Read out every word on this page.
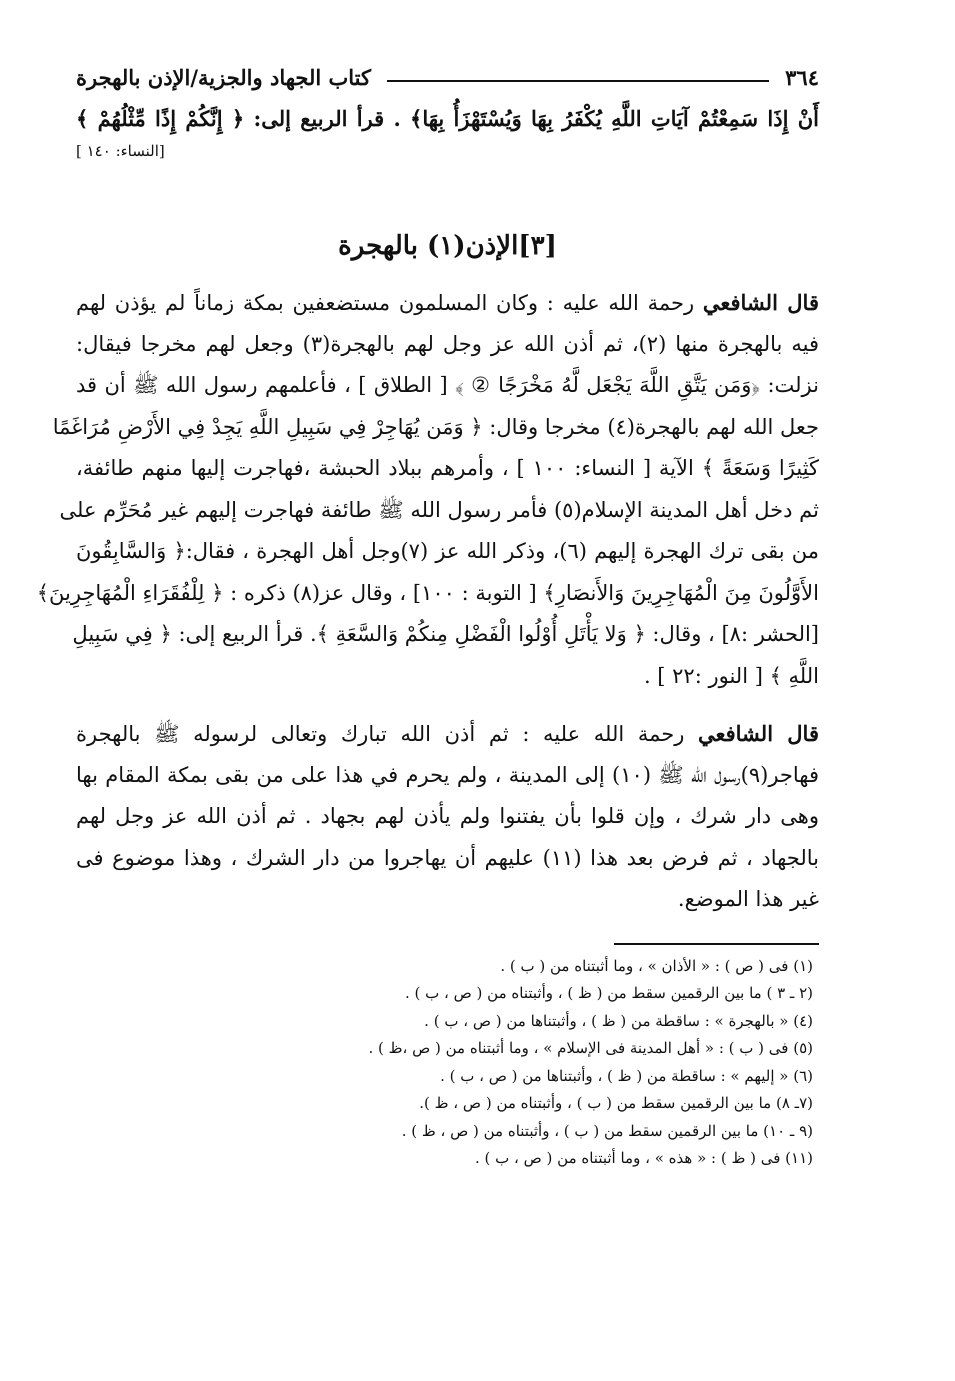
٣٦٤
كتاب الجهاد والجزية/الإذن بالهجرة
أَنْ إِذَا سَمِعْتُمْ آيَاتِ اللَّهِ يُكْفَرُ بِهَا وَيُسْتَهْزَأُ بِهَا﴾ . قرأ الربيع إلى: ﴿ إِنَّكُمْ إِذًا مِّثْلُهُمْ ﴾
[النساء: ١٤٠ ]
[٣]الإذن(١) بالهجرة
قال الشافعي رحمة الله عليه : وكان المسلمون مستضعفين بمكة زماناً لم يؤذن لهم
فيه بالهجرة منها (٢)، ثم أذن الله عز وجل لهم بالهجرة(٣) وجعل لهم مخرجا فيقال:
نزلت: ﴿وَمَن يَتَّقِ اللَّهَ يَجْعَل لَّهُ مَخْرَجًا ② ﴾ [ الطلاق ] ، فأعلمهم رسول الله ﷺ أن قد
جعل الله لهم بالهجرة(٤) مخرجا وقال: ﴿ وَمَن يُهَاجِرْ فِي سَبِيلِ اللَّهِ يَجِدْ فِي الأَرْضِ مُرَاغَمًا
كَثِيرًا وَسَعَةً ﴾ الآية [ النساء: ١٠٠ ] ، وأمرهم ببلاد الحبشة ،فهاجرت إليها منهم طائفة،
ثم دخل أهل المدينة الإسلام(٥) فأمر رسول الله ﷺ طائفة فهاجرت إليهم غير مُحَرِّم على
من بقى ترك الهجرة إليهم (٦)، وذكر الله عز (٧)وجل أهل الهجرة ، فقال:﴿ وَالسَّابِقُونَ
الأَوَّلُونَ مِنَ الْمُهَاجِرِينَ وَالأَنصَارِ﴾ [ التوبة : ١٠٠] ، وقال عز(٨) ذكره : ﴿ لِلْفُقَرَاءِ الْمُهَاجِرِينَ﴾
[الحشر :٨] ، وقال: ﴿ وَلا يَأْتَلِ أُوْلُوا الْفَضْلِ مِنكُمْ وَالسَّعَةِ ﴾. قرأ الربيع إلى: ﴿ فِي سَبِيلِ
اللَّهِ ﴾ [ النور :٢٢ ] .
قال الشافعي رحمة الله عليه : ثم أذن الله تبارك وتعالى لرسوله ﷺ بالهجرة
فهاجر(٩)رسول الله ﷺ (١٠) إلى المدينة ، ولم يحرم في هذا على من بقى بمكة المقام بها
وهى دار شرك ، وإن قلوا بأن يفتنوا ولم يأذن لهم بجهاد . ثم أذن الله عز وجل لهم
بالجهاد ، ثم فرض بعد هذا (١١) عليهم أن يهاجروا من دار الشرك ، وهذا موضوع فى
غير هذا الموضع.
(١) فى ( ص ) : « الأذان » ، وما أثبتناه من ( ب ) .
(٢ ـ ٣ ) ما بين الرقمين سقط من ( ظ ) ، وأثبتناه من ( ص ، ب ) .
(٤) « بالهجرة » : ساقطة من ( ظ ) ، وأثبتناها من ( ص ، ب ) .
(٥) فى ( ب ) : « أهل المدينة فى الإسلام » ، وما أثبتناه من ( ص ،ظ ) .
(٦) « إليهم » : ساقطة من ( ظ ) ، وأثبتناها من ( ص ، ب ) .
(٧ـ ٨) ما بين الرقمين سقط من ( ب ) ، وأثبتناه من ( ص ، ظ ).
(٩ ـ ١٠) ما بين الرقمين سقط من ( ب ) ، وأثبتناه من ( ص ، ظ ) .
(١١) فى ( ظ ) : « هذه » ، وما أثبتناه من ( ص ، ب ) .
